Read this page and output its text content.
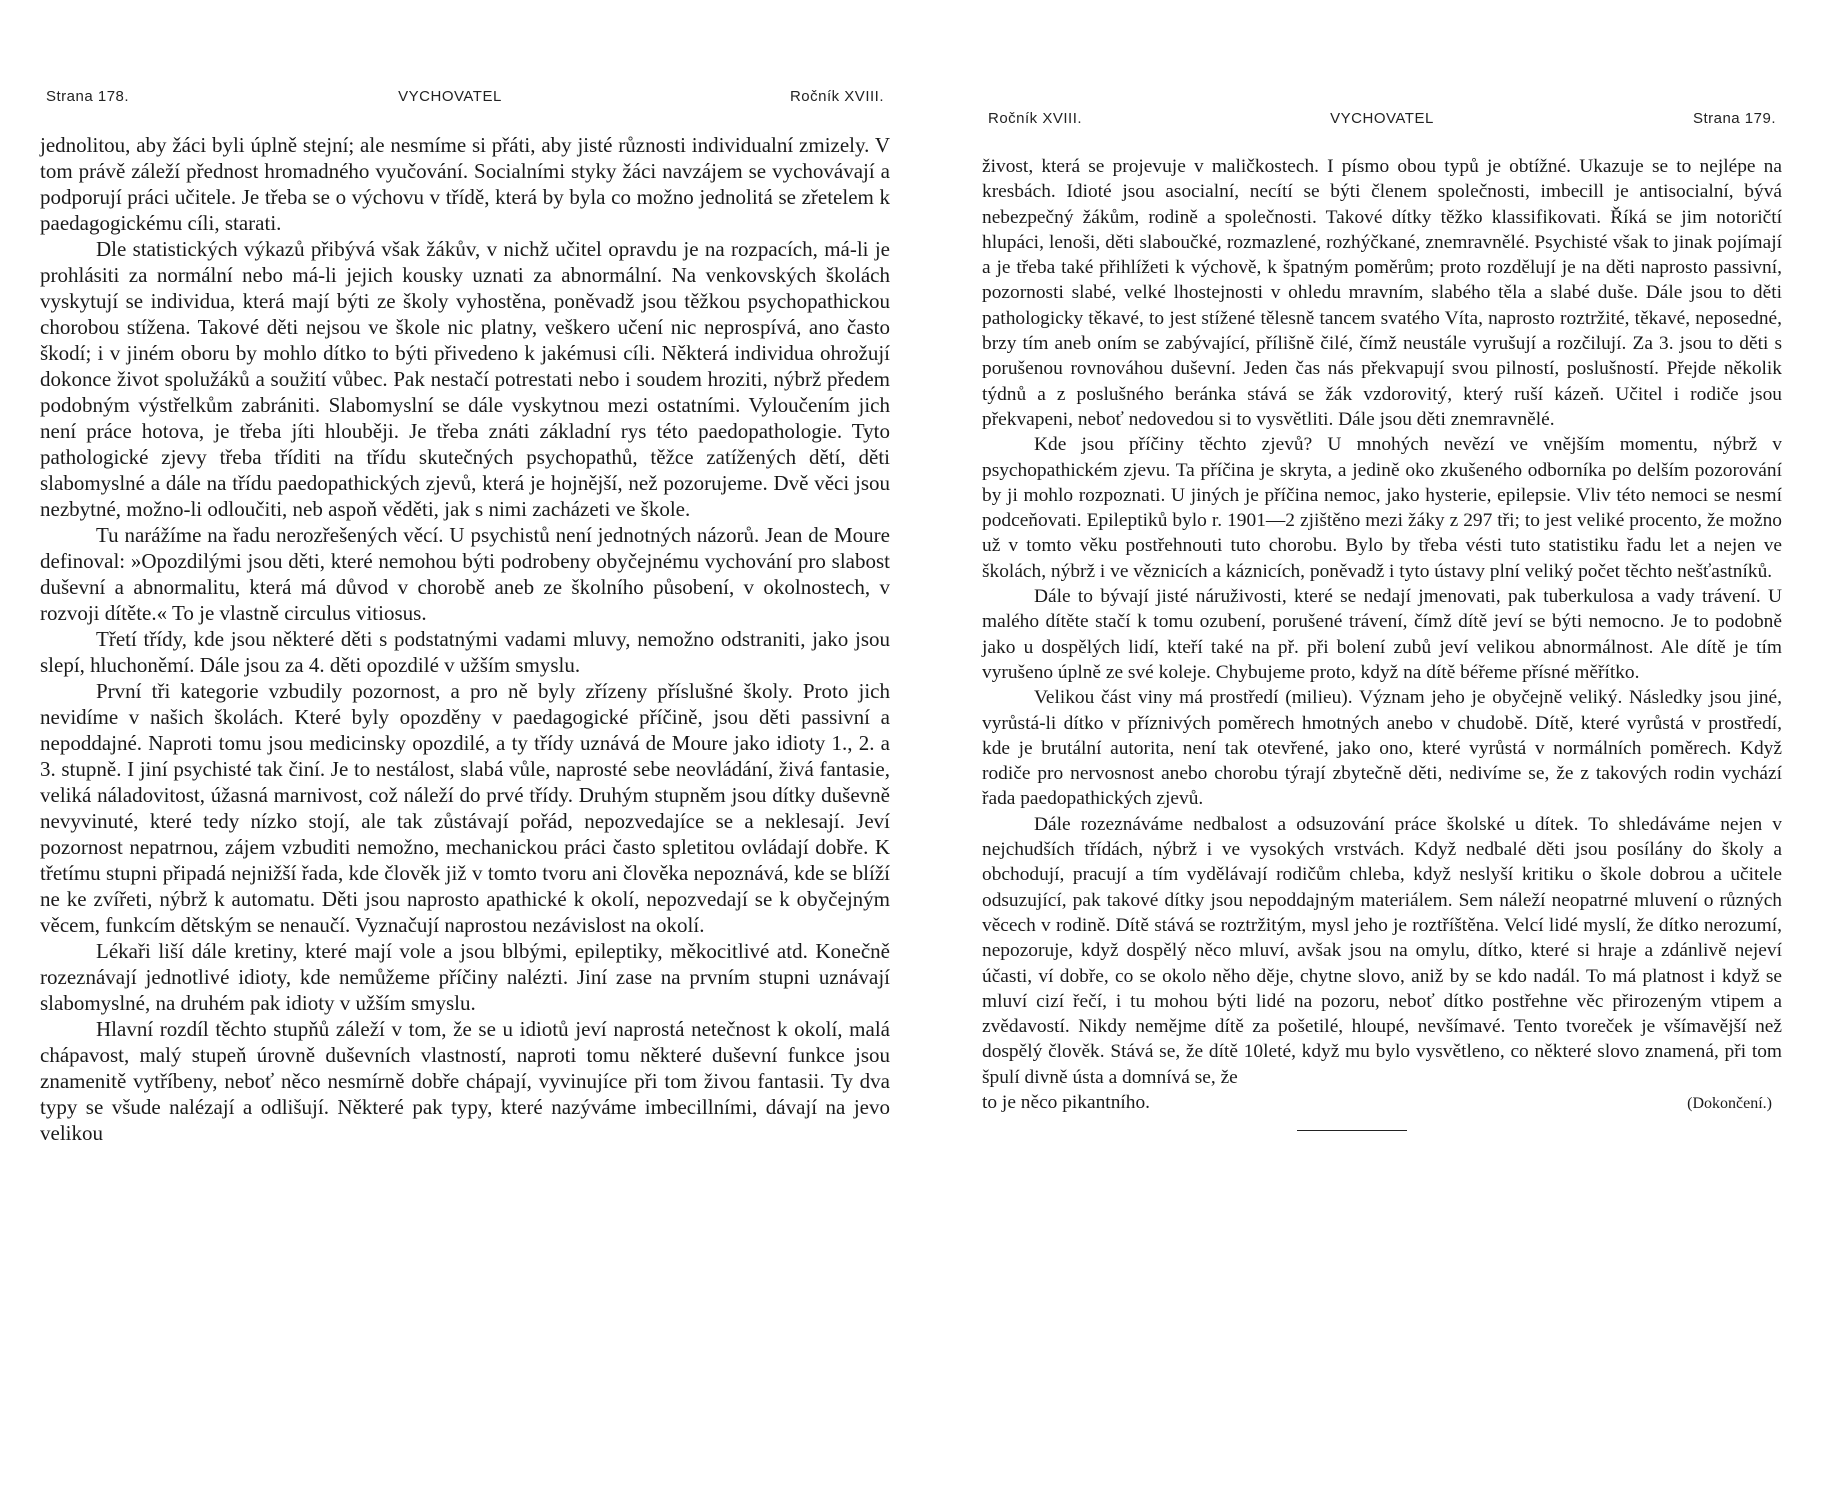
Strana 178.	VYCHOVATEL	Ročník XVIII.

jednolitou, aby žáci byli úplně stejní; ale nesmíme si přáti, aby jisté různosti individualní zmizely. V tom právě záleží přednost hromadného vyučování. Socialními styky žáci navzájem se vychovávají a podporují práci učitele. Je třeba se o výchovu v třídě, která by byla co možno jednolitá se zřetelem k paedagogickému cíli, starati.

Dle statistických výkazů přibývá však žákův, v nichž učitel opravdu je na rozpacích, má-li je prohlásiti za normální nebo má-li jejich kousky uznati za abnormální. Na venkovských školách vyskytují se individua, která mají býti ze školy vyhostěna, poněvadž jsou těžkou psychopathickou chorobou stížena. Takové děti nejsou ve škole nic platny, veškero učení nic neprospívá, ano často škodí; i v jiném oboru by mohlo dítko to býti přivedeno k jakémusi cíli. Některá individua ohrožují dokonce život spolužáků a soužití vůbec. Pak nestačí potrestati nebo i soudem hroziti, nýbrž předem podobným výstřelkům zabrániti. Slabomyslní se dále vyskytnou mezi ostatními. Vyloučením jich není práce hotova, je třeba jíti hlouběji. Je třeba znáti základní rys této paedopathologie. Tyto pathologické zjevy třeba tříditi na třídu skutečných psychopathů, těžce zatížených dětí, děti slabomyslné a dále na třídu paedopathických zjevů, která je hojnější, než pozorujeme. Dvě věci jsou nezbytné, možno-li odloučiti, neb aspoň věděti, jak s nimi zacházeti ve škole.

Tu narážíme na řadu nerozřešených věcí. U psychistů není jednotných názorů. Jean de Moure definoval: »Opozdilými jsou děti, které nemohou býti podrobeny obyčejnému vychování pro slabost duševní a abnormalitu, která má důvod v chorobě aneb ze školního působení, v okolnostech, v rozvoji dítěte.« To je vlastně circulus vitiosus.

Třetí třídy, kde jsou některé děti s podstatnými vadami mluvy, nemožno odstraniti, jako jsou slepí, hluchoněmí. Dále jsou za 4. děti opozdilé v užším smyslu.

První tři kategorie vzbudily pozornost, a pro ně byly zřízeny příslušné školy. Proto jich nevidíme v našich školách. Které byly opozděny v paedagogické příčině, jsou děti passivní a nepoddajné. Naproti tomu jsou medicinsky opozdilé, a ty třídy uznává de Moure jako idioty 1., 2. a 3. stupně. I jiní psychisté tak činí. Je to nestálost, slabá vůle, naprosté sebe neovládání, živá fantasie, veliká náladovitost, úžasná marnivost, což náleží do prvé třídy. Druhým stupněm jsou dítky duševně nevyvinuté, které tedy nízko stojí, ale tak zůstávají pořád, nepozvedajíce se a neklesají. Jeví pozornost nepatrnou, zájem vzbuditi nemožno, mechanickou práci často spletitou ovládají dobře. K třetímu stupni připadá nejnižší řada, kde člověk již v tomto tvoru ani člověka nepoznává, kde se blíží ne ke zvířeti, nýbrž k automatu. Děti jsou naprosto apathické k okolí, nepozvedají se k obyčejným věcem, funkcím dětským se nenaučí. Vyznačují naprostou nezávislost na okolí.

Lékaři liší dále kretiny, které mají vole a jsou blbými, epileptiky, měkocitlivé atd. Konečně rozeznávají jednotlivé idioty, kde nemůžeme příčiny nalézti. Jiní zase na prvním stupni uznávají slabomyslné, na druhém pak idioty v užším smyslu.

Hlavní rozdíl těchto stupňů záleží v tom, že se u idiotů jeví naprostá netečnost k okolí, malá chápavost, malý stupeň úrovně duševních vlastností, naproti tomu některé duševní funkce jsou znamenitě vytříbeny, neboť něco nesmírně dobře chápají, vyvinujíce při tom živou fantasii. Ty dva typy se všude nalézají a odlišují. Některé pak typy, které nazýváme imbecillními, dávají na jevo velikou

Ročník XVIII.	VYCHOVATEL	Strana 179.

živost, která se projevuje v maličkostech. I písmo obou typů je obtížné. Ukazuje se to nejlépe na kresbách. Idioté jsou asocialní, necítí se býti členem společnosti, imbecill je antisocialní, bývá nebezpečný žákům, rodině a společnosti. Takové dítky těžko klassifikovati. Říká se jim notoričtí hlupáci, lenoši, děti slaboučké, rozmazlené, rozhýčkané, znemravnělé. Psychisté však to jinak pojímají a je třeba také přihlížeti k výchově, k špatným poměrům; proto rozdělují je na děti naprosto passivní, pozornosti slabé, velké lhostejnosti v ohledu mravním, slabého těla a slabé duše. Dále jsou to děti pathologicky těkavé, to jest stížené tělesně tancem svatého Víta, naprosto roztržité, těkavé, neposedné, brzy tím aneb oním se zabývající, přílišně čilé, čímž neustále vyrušují a rozčilují. Za 3. jsou to děti s porušenou rovnováhou duševní. Jeden čas nás překvapují svou pilností, poslušností. Přejde několik týdnů a z poslušného beránka stává se žák vzdorovitý, který ruší kázeň. Učitel i rodiče jsou překvapeni, neboť nedovedou si to vysvětliti. Dále jsou děti znemravnělé.

Kde jsou příčiny těchto zjevů? U mnohých nevězí ve vnějším momentu, nýbrž v psychopathickém zjevu. Ta příčina je skryta, a jedině oko zkušeného odborníka po delším pozorování by ji mohlo rozpoznati. U jiných je příčina nemoc, jako hysterie, epilepsie. Vliv této nemoci se nesmí podceňovati. Epileptiků bylo r. 1901—2 zjištěno mezi žáky z 297 tři; to jest veliké procento, že možno už v tomto věku postřehnouti tuto chorobu. Bylo by třeba vésti tuto statistiku řadu let a nejen ve školách, nýbrž i ve věznicích a káznicích, poněvadž i tyto ústavy plní veliký počet těchto nešťastníků.

Dále to bývají jisté náruživosti, které se nedají jmenovati, pak tuberkulosa a vady trávení. U malého dítěte stačí k tomu ozubení, porušené trávení, čímž dítě jeví se býti nemocno. Je to podobně jako u dospělých lidí, kteří také na př. při bolení zubů jeví velikou abnormálnost. Ale dítě je tím vyrušeno úplně ze své koleje. Chybujeme proto, když na dítě béřeme přísné měřítko.

Velikou část viny má prostředí (milieu). Význam jeho je obyčejně veliký. Následky jsou jiné, vyrůstá-li dítko v příznivých poměrech hmotných anebo v chudobě. Dítě, které vyrůstá v prostředí, kde je brutální autorita, není tak otevřené, jako ono, které vyrůstá v normálních poměrech. Když rodiče pro nervosnost anebo chorobu týrají zbytečně děti, nedivíme se, že z takových rodin vychází řada paedopathických zjevů.

Dále rozeznáváme nedbalost a odsuzování práce školské u dítek. To shledáváme nejen v nejchudších třídách, nýbrž i ve vysokých vrstvách. Když nedbalé děti jsou posílány do školy a obchodují, pracují a tím vydělávají rodičům chleba, když neslyší kritiku o škole dobrou a učitele odsuzující, pak takové dítky jsou nepoddajným materiálem. Sem náleží neopatrné mluvení o různých věcech v rodině. Dítě stává se roztržitým, mysl jeho je roztříštěna. Velcí lidé myslí, že dítko nerozumí, nepozoruje, když dospělý něco mluví, avšak jsou na omylu, dítko, které si hraje a zdánlivě nejeví účasti, ví dobře, co se okolo něho děje, chytne slovo, aniž by se kdo nadál. To má platnost i když se mluví cizí řečí, i tu mohou býti lidé na pozoru, neboť dítko postřehne věc přirozeným vtipem a zvědavostí. Nikdy nemějme dítě za pošetilé, hloupé, nevšímavé. Tento tvoreček je všímavější než dospělý člověk. Stává se, že dítě 10leté, když mu bylo vysvětleno, co některé slovo znamená, při tom špulí divně ústa a domnívá se, že

to je něco pikantního.	(Dokončení.)
